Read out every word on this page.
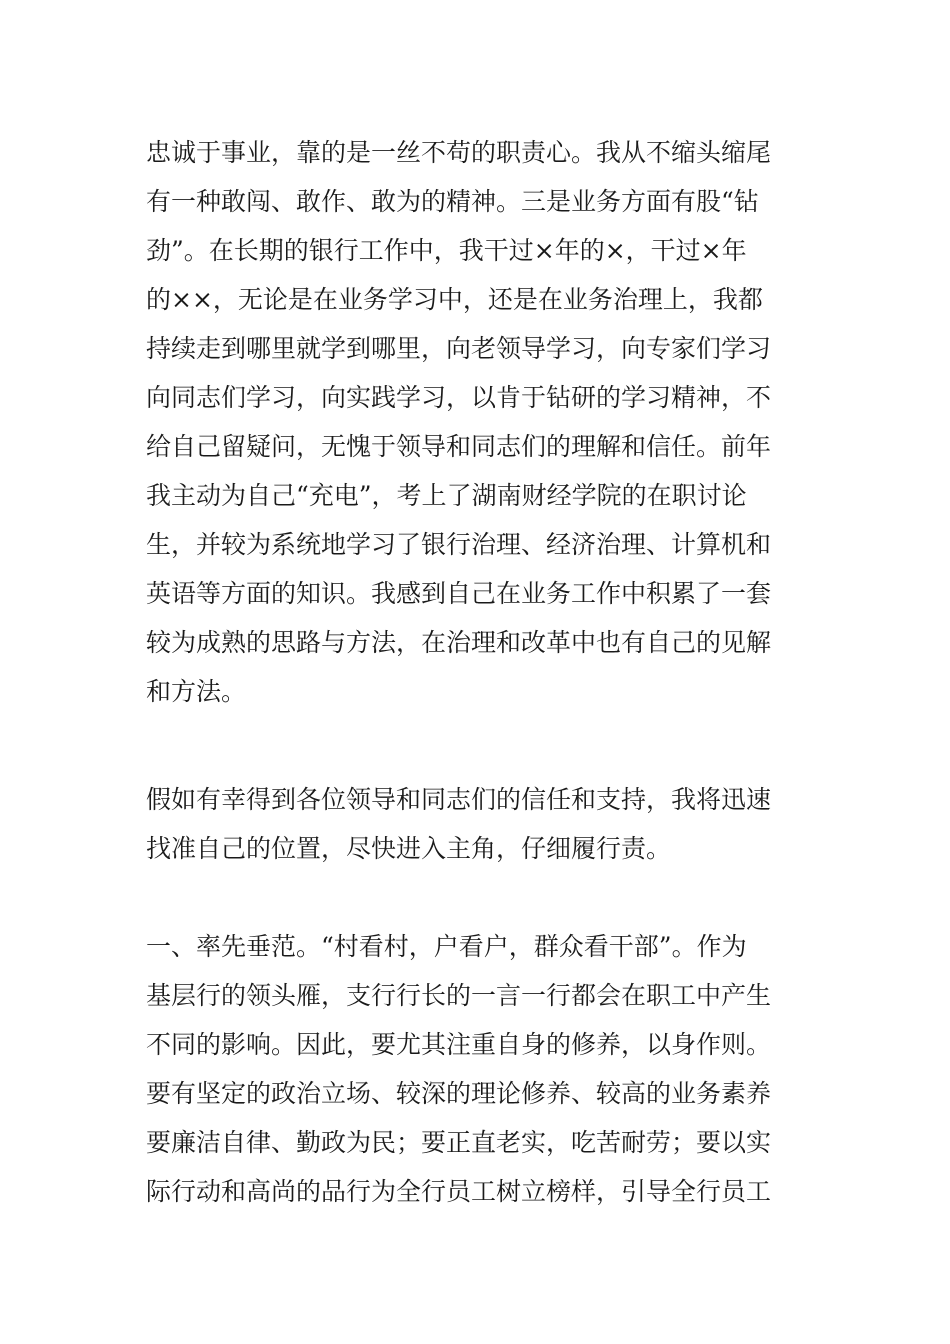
忠诚于事业，靠的是一丝不苟的职责心。我从不缩头缩尾
有一种敢闯、敢作、敢为的精神。三是业务方面有股“钻
劲”。在长期的银行工作中，我干过×年的×，干过×年
的××，无论是在业务学习中，还是在业务治理上，我都
持续走到哪里就学到哪里，向老领导学习，向专家们学习
向同志们学习，向实践学习，以肯于钻研的学习精神，不
给自己留疑问，无愧于领导和同志们的理解和信任。前年
我主动为自己“充电”，考上了湖南财经学院的在职讨论
生，并较为系统地学习了银行治理、经济治理、计算机和
英语等方面的知识。我感到自己在业务工作中积累了一套
较为成熟的思路与方法，在治理和改革中也有自己的见解
和方法。
假如有幸得到各位领导和同志们的信任和支持，我将迅速
找准自己的位置，尽快进入主角，仔细履行责。
一、率先垂范。“村看村，户看户，群众看干部”。作为
基层行的领头雁，支行行长的一言一行都会在职工中产生
不同的影响。因此，要尤其注重自身的修养，以身作则。
要有坚定的政治立场、较深的理论修养、较高的业务素养
要廉洁自律、勤政为民；要正直老实，吃苦耐劳；要以实
际行动和高尚的品行为全行员工树立榜样，引导全行员工
